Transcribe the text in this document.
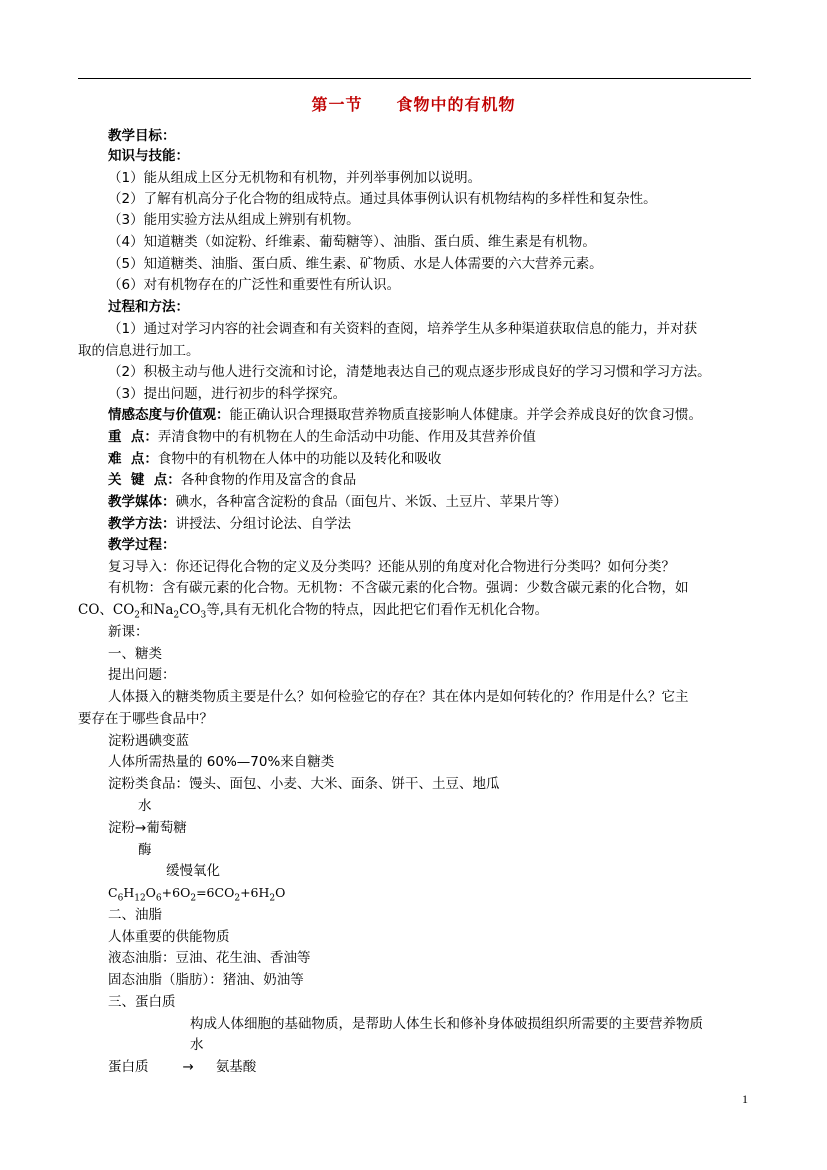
第一节 食物中的有机物
教学目标：
知识与技能：
（1）能从组成上区分无机物和有机物，并列举事例加以说明。
（2）了解有机高分子化合物的组成特点。通过具体事例认识有机物结构的多样性和复杂性。
（3）能用实验方法从组成上辨别有机物。
（4）知道糖类（如淀粉、纤维素、葡萄糖等）、油脂、蛋白质、维生素是有机物。
（5）知道糖类、油脂、蛋白质、维生素、矿物质、水是人体需要的六大营养元素。
（6）对有机物存在的广泛性和重要性有所认识。
过程和方法：
（1）通过对学习内容的社会调查和有关资料的查阅，培养学生从多种渠道获取信息的能力，并对获
取的信息进行加工。
（2）积极主动与他人进行交流和讨论，清楚地表达自己的观点逐步形成良好的学习习惯和学习方法。
（3）提出问题，进行初步的科学探究。
情感态度与价值观：能正确认识合理摄取营养物质直接影响人体健康。并学会养成良好的饮食习惯。
重  点：弄清食物中的有机物在人的生命活动中功能、作用及其营养价值
难  点：食物中的有机物在人体中的功能以及转化和吸收
关  键  点：各种食物的作用及富含的食品
教学媒体：碘水，各种富含淀粉的食品（面包片、米饭、土豆片、苹果片等）
教学方法：讲授法、分组讨论法、自学法
教学过程：
复习导入：你还记得化合物的定义及分类吗？还能从别的角度对化合物进行分类吗？如何分类？
有机物：含有碳元素的化合物。无机物：不含碳元素的化合物。强调：少数含碳元素的化合物，如
CO、$CO_2$和$Na_2CO_3$等,具有无机化合物的特点，因此把它们看作无机化合物。
新课：
一、糖类
提出问题：
人体摄入的糖类物质主要是什么？如何检验它的存在？其在体内是如何转化的？作用是什么？它主
要存在于哪些食品中？
淀粉遇碘变蓝
人体所需热量的 60%—70%来自糖类
淀粉类食品：馒头、面包、小麦、大米、面条、饼干、土豆、地瓜
水
淀粉→葡萄糖
酶
缓慢氧化
$C_6H_{12}O_6+6O_2=6CO_2+6H_2O$
二、油脂
人体重要的供能物质
液态油脂：豆油、花生油、香油等
固态油脂（脂肪）：猪油、奶油等
三、蛋白质
构成人体细胞的基础物质，是帮助人体生长和修补身体破损组织所需要的主要营养物质
水
蛋白质	→ 氨基酸
1
